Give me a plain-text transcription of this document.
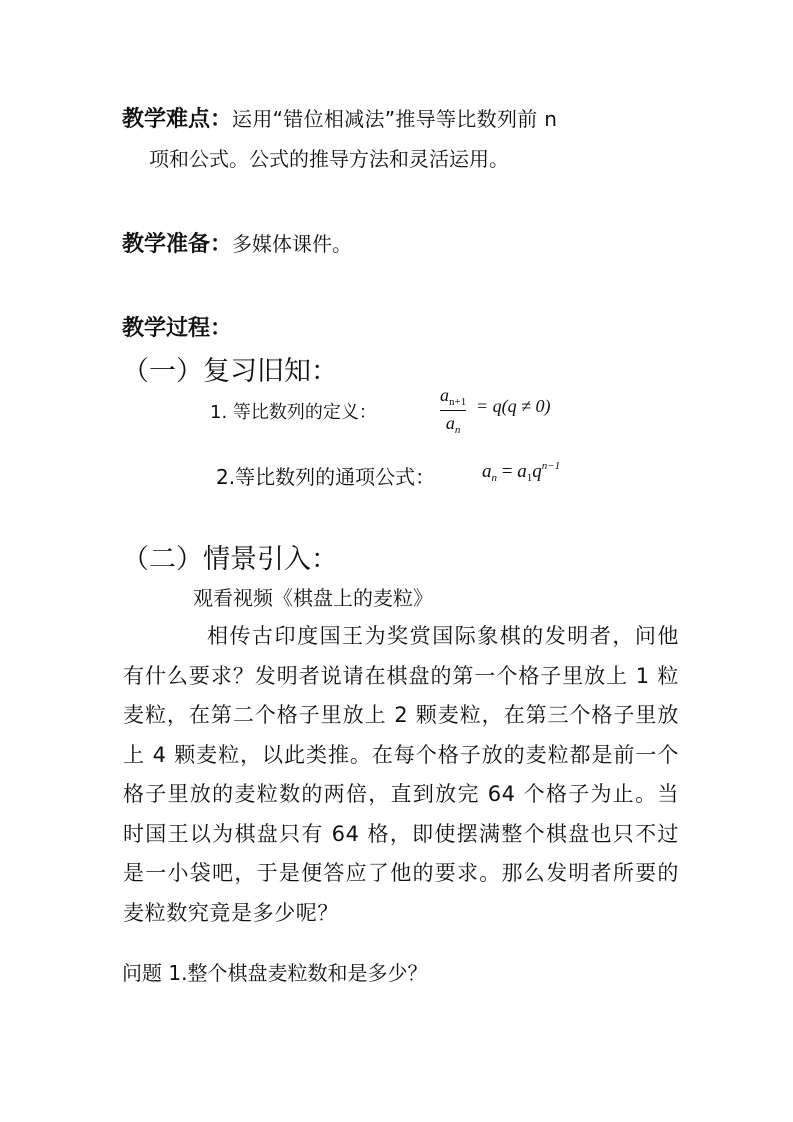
教学难点：运用“错位相减法”推导等比数列前 n
项和公式。公式的推导方法和灵活运用。
教学准备：多媒体课件。
教学过程：
（一）复习旧知：
1. 等比数列的定义：
$a_{n+1}$
$a_n$
= q(q ≠ 0)
2.等比数列的通项公式： $a_n = a_1q^{n-1}$
（二）情景引入：
观看视频《棋盘上的麦粒》
相传古印度国王为奖赏国际象棋的发明者，问他有什么要求？发明者说请在棋盘的第一个格子里放上 1 粒麦粒，在第二个格子里放上 2 颗麦粒，在第三个格子里放上 4 颗麦粒，以此类推。在每个格子放的麦粒都是前一个格子里放的麦粒数的两倍，直到放完 64 个格子为止。当时国王以为棋盘只有 64 格，即使摆满整个棋盘也只不过是一小袋吧，于是便答应了他的要求。那么发明者所要的麦粒数究竟是多少呢？
问题 1.整个棋盘麦粒数和是多少？
